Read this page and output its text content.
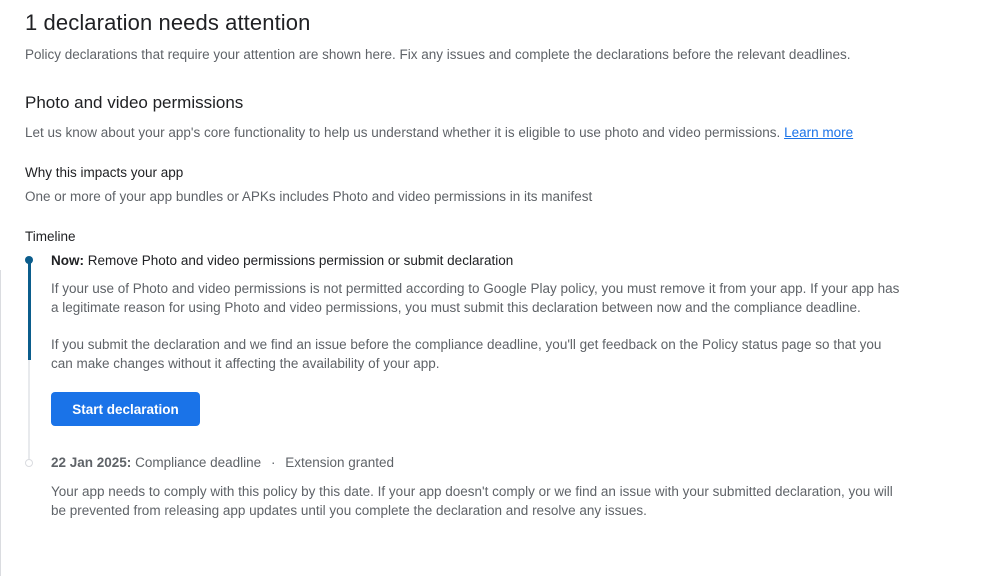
1 declaration needs attention
Policy declarations that require your attention are shown here. Fix any issues and complete the declarations before the relevant deadlines.
Photo and video permissions
Let us know about your app's core functionality to help us understand whether it is eligible to use photo and video permissions. Learn more
Why this impacts your app
One or more of your app bundles or APKs includes Photo and video permissions in its manifest
Timeline
Now: Remove Photo and video permissions permission or submit declaration
If your use of Photo and video permissions is not permitted according to Google Play policy, you must remove it from your app. If your app has a legitimate reason for using Photo and video permissions, you must submit this declaration between now and the compliance deadline.
If you submit the declaration and we find an issue before the compliance deadline, you'll get feedback on the Policy status page so that you can make changes without it affecting the availability of your app.
Start declaration
22 Jan 2025: Compliance deadline · Extension granted
Your app needs to comply with this policy by this date. If your app doesn't comply or we find an issue with your submitted declaration, you will be prevented from releasing app updates until you complete the declaration and resolve any issues.
